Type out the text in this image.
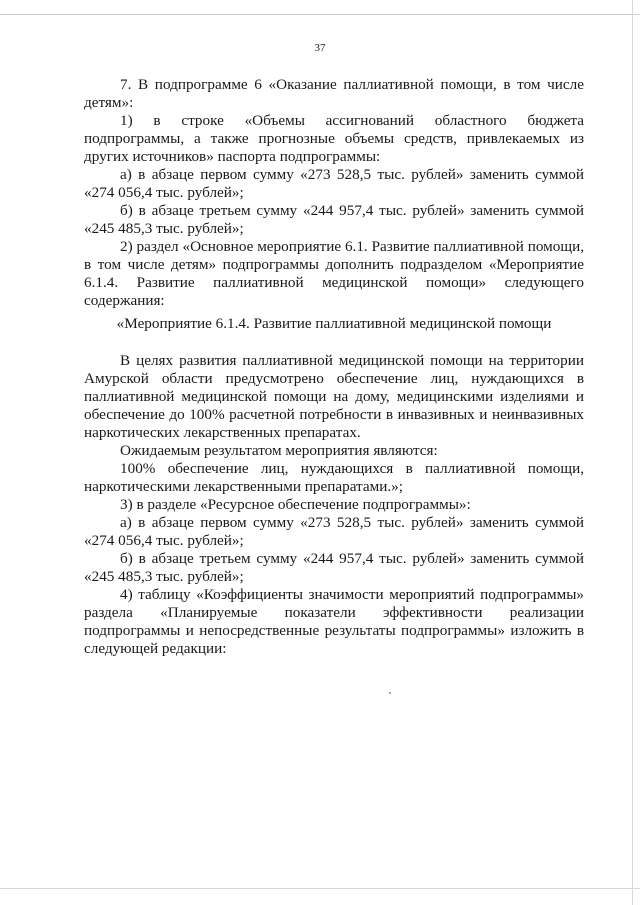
37

7. В подпрограмме 6 «Оказание паллиативной помощи, в том числе детям»:

1) в строке «Объемы ассигнований областного бюджета подпрограммы, а также прогнозные объемы средств, привлекаемых из других источников» паспорта подпрограммы:

а) в абзаце первом сумму «273 528,5 тыс. рублей» заменить суммой «274 056,4 тыс. рублей»;

б) в абзаце третьем сумму «244 957,4 тыс. рублей» заменить суммой «245 485,3 тыс. рублей»;

2) раздел «Основное мероприятие 6.1. Развитие паллиативной помощи, в том числе детям» подпрограммы дополнить подразделом «Мероприятие 6.1.4. Развитие паллиативной медицинской помощи» следующего содержания:

«Мероприятие 6.1.4. Развитие паллиативной медицинской помощи

В целях развития паллиативной медицинской помощи на территории Амурской области предусмотрено обеспечение лиц, нуждающихся в паллиативной медицинской помощи на дому, медицинскими изделиями и обеспечение до 100% расчетной потребности в инвазивных и неинвазивных наркотических лекарственных препаратах.

Ожидаемым результатом мероприятия являются:

100% обеспечение лиц, нуждающихся в паллиативной помощи, наркотическими лекарственными препаратами.»;

3) в разделе «Ресурсное обеспечение подпрограммы»:

а) в абзаце первом сумму «273 528,5 тыс. рублей» заменить суммой «274 056,4 тыс. рублей»;

б) в абзаце третьем сумму «244 957,4 тыс. рублей» заменить суммой «245 485,3 тыс. рублей»;

4) таблицу «Коэффициенты значимости мероприятий подпрограммы» раздела «Планируемые показатели эффективности реализации подпрограммы и непосредственные результаты подпрограммы» изложить в следующей редакции:
